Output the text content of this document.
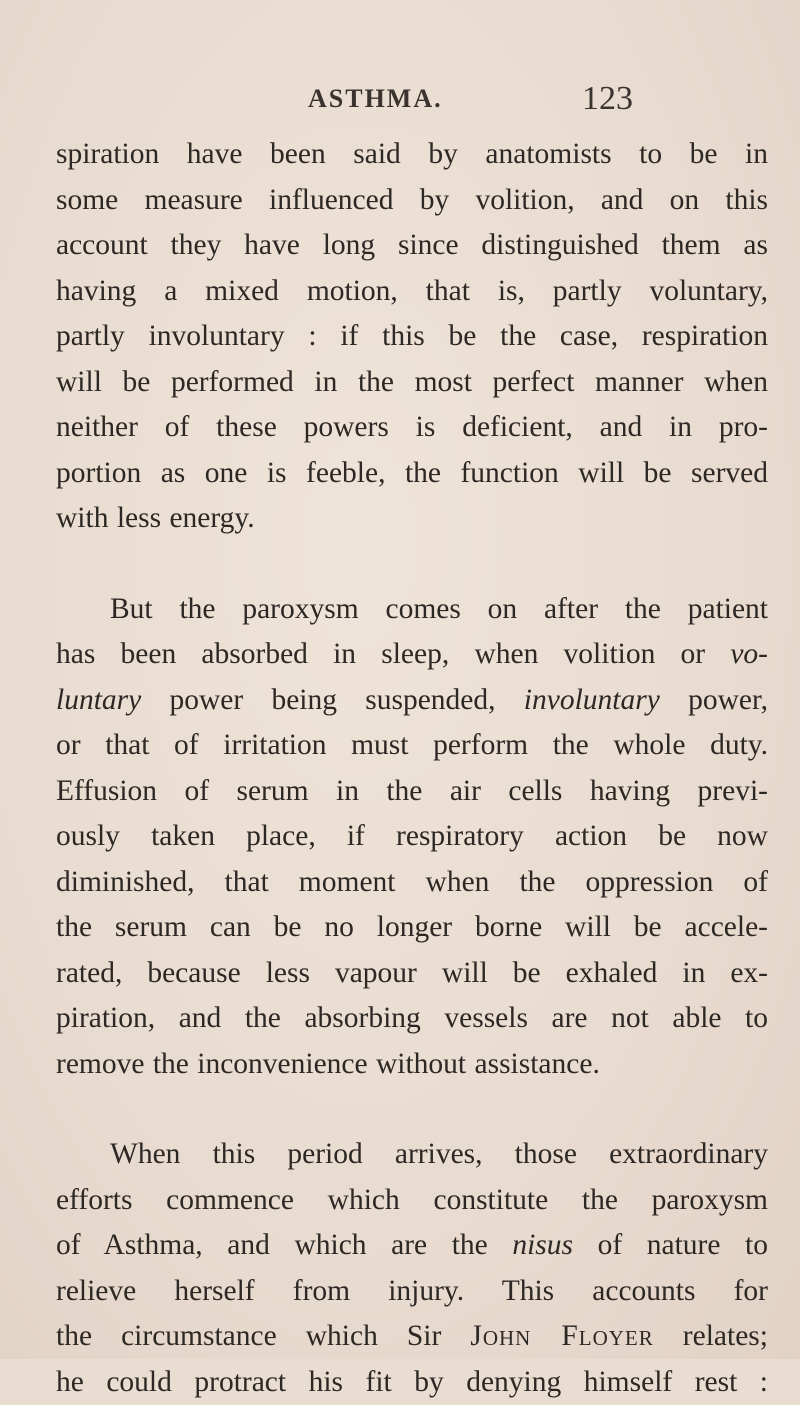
ASTHMA.	123
spiration have been said by anatomists to be in
some measure influenced by volition, and on this
account they have long since distinguished them as
having a mixed motion, that is, partly voluntary,
partly involuntary : if this be the case, respiration
will be performed in the most perfect manner when
neither of these powers is deficient, and in pro-
portion as one is feeble, the function will be served
with less energy.
But the paroxysm comes on after the patient
has been absorbed in sleep, when volition or vo-
luntary power being suspended, involuntary power,
or that of irritation must perform the whole duty.
Effusion of serum in the air cells having previ-
ously taken place, if respiratory action be now
diminished, that moment when the oppression of
the serum can be no longer borne will be accele-
rated, because less vapour will be exhaled in ex-
piration, and the absorbing vessels are not able to
remove the inconvenience without assistance.
When this period arrives, those extraordinary
efforts commence which constitute the paroxysm
of Asthma, and which are the nisus of nature to
relieve herself from injury. This accounts for
the circumstance which Sir John Floyer relates;
he could protract his fit by denying himself rest :
